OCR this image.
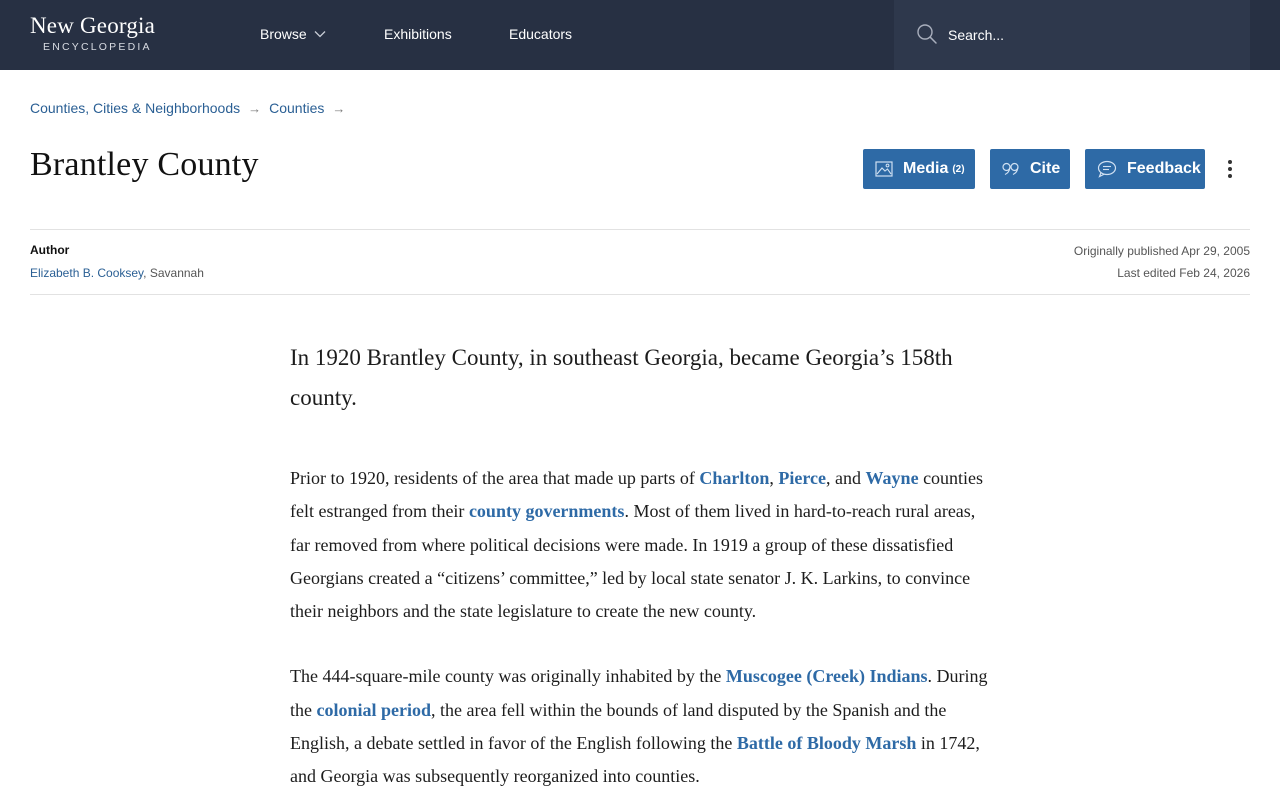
New Georgia
ENCYCLOPEDIA
Browse	Exhibitions	Educators
Search...
Counties, Cities & Neighborhoods → Counties →
Brantley County	Media (2)	Cite	Feedback
Author
Elizabeth B. Cooksey, Savannah
Originally published Apr 29, 2005
Last edited Feb 24, 2026

In 1920 Brantley County, in southeast Georgia, became Georgia’s 158th county.

Prior to 1920, residents of the area that made up parts of Charlton, Pierce, and Wayne counties felt estranged from their county governments. Most of them lived in hard-to-reach rural areas, far removed from where political decisions were made. In 1919 a group of these dissatisfied Georgians created a “citizens’ committee,” led by local state senator J. K. Larkins, to convince their neighbors and the state legislature to create the new county.

The 444-square-mile county was originally inhabited by the Muscogee (Creek) Indians. During the colonial period, the area fell within the bounds of land disputed by the Spanish and the English, a debate settled in favor of the English following the Battle of Bloody Marsh in 1742, and Georgia was subsequently reorganized into counties.
